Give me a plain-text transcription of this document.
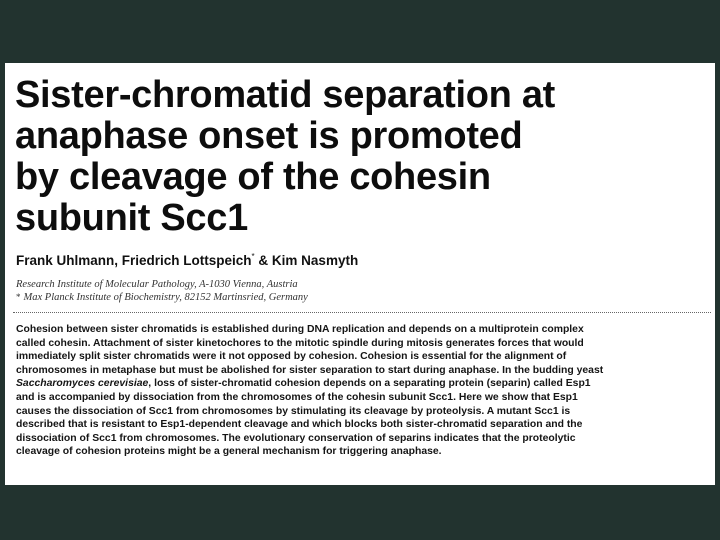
Sister-chromatid separation at
anaphase onset is promoted
by cleavage of the cohesin
subunit Scc1
Frank Uhlmann, Friedrich Lottspeich* & Kim Nasmyth
Research Institute of Molecular Pathology, A-1030 Vienna, Austria
* Max Planck Institute of Biochemistry, 82152 Martinsried, Germany
Cohesion between sister chromatids is established during DNA replication and depends on a multiprotein complex
called cohesin. Attachment of sister kinetochores to the mitotic spindle during mitosis generates forces that would
immediately split sister chromatids were it not opposed by cohesion. Cohesion is essential for the alignment of
chromosomes in metaphase but must be abolished for sister separation to start during anaphase. In the budding yeast
Saccharomyces cerevisiae, loss of sister-chromatid cohesion depends on a separating protein (separin) called Esp1
and is accompanied by dissociation from the chromosomes of the cohesin subunit Scc1. Here we show that Esp1
causes the dissociation of Scc1 from chromosomes by stimulating its cleavage by proteolysis. A mutant Scc1 is
described that is resistant to Esp1-dependent cleavage and which blocks both sister-chromatid separation and the
dissociation of Scc1 from chromosomes. The evolutionary conservation of separins indicates that the proteolytic
cleavage of cohesion proteins might be a general mechanism for triggering anaphase.
